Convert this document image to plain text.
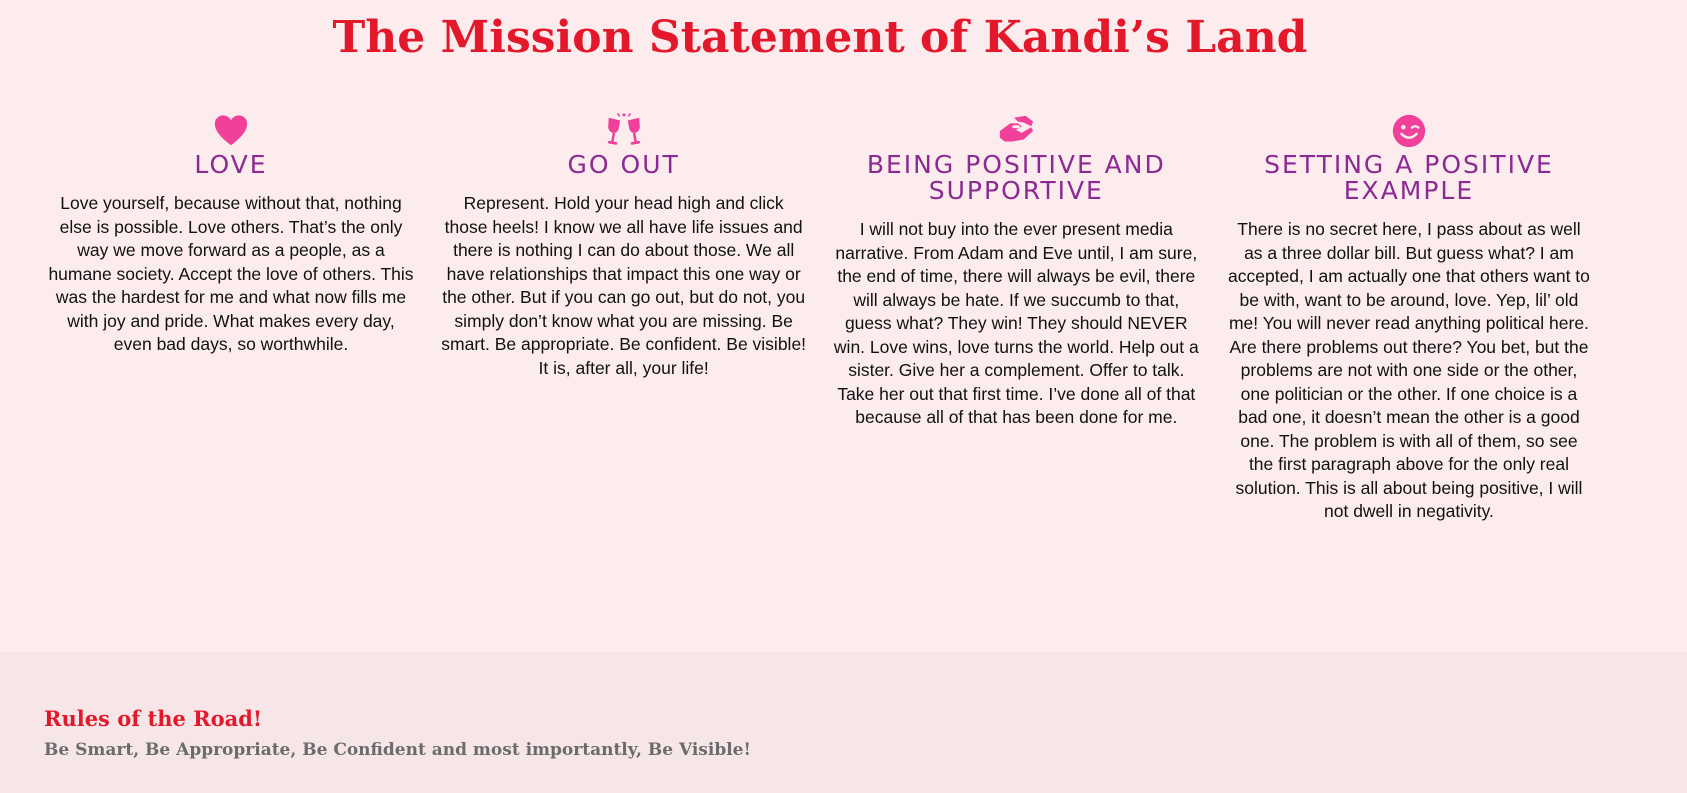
The Mission Statement of Kandi’s Land
LOVE

Love yourself, because without that, nothing else is possible. Love others. That’s the only way we move forward as a people, as a humane society. Accept the love of others. This was the hardest for me and what now fills me with joy and pride. What makes every day, even bad days, so worthwhile.

GO OUT

Represent. Hold your head high and click those heels! I know we all have life issues and there is nothing I can do about those. We all have relationships that impact this one way or the other. But if you can go out, but do not, you simply don’t know what you are missing. Be smart. Be appropriate. Be confident. Be visible! It is, after all, your life!

BEING POSITIVE AND SUPPORTIVE

I will not buy into the ever present media narrative. From Adam and Eve until, I am sure, the end of time, there will always be evil, there will always be hate. If we succumb to that, guess what? They win! They should NEVER win. Love wins, love turns the world. Help out a sister. Give her a complement. Offer to talk. Take her out that first time. I’ve done all of that because all of that has been done for me.

SETTING A POSITIVE EXAMPLE

There is no secret here, I pass about as well as a three dollar bill. But guess what? I am accepted, I am actually one that others want to be with, want to be around, love. Yep, lil’ old me! You will never read anything political here. Are there problems out there? You bet, but the problems are not with one side or the other, one politician or the other. If one choice is a bad one, it doesn’t mean the other is a good one. The problem is with all of them, so see the first paragraph above for the only real solution. This is all about being positive, I will not dwell in negativity.

Rules of the Road!

Be Smart, Be Appropriate, Be Confident and most importantly, Be Visible!
